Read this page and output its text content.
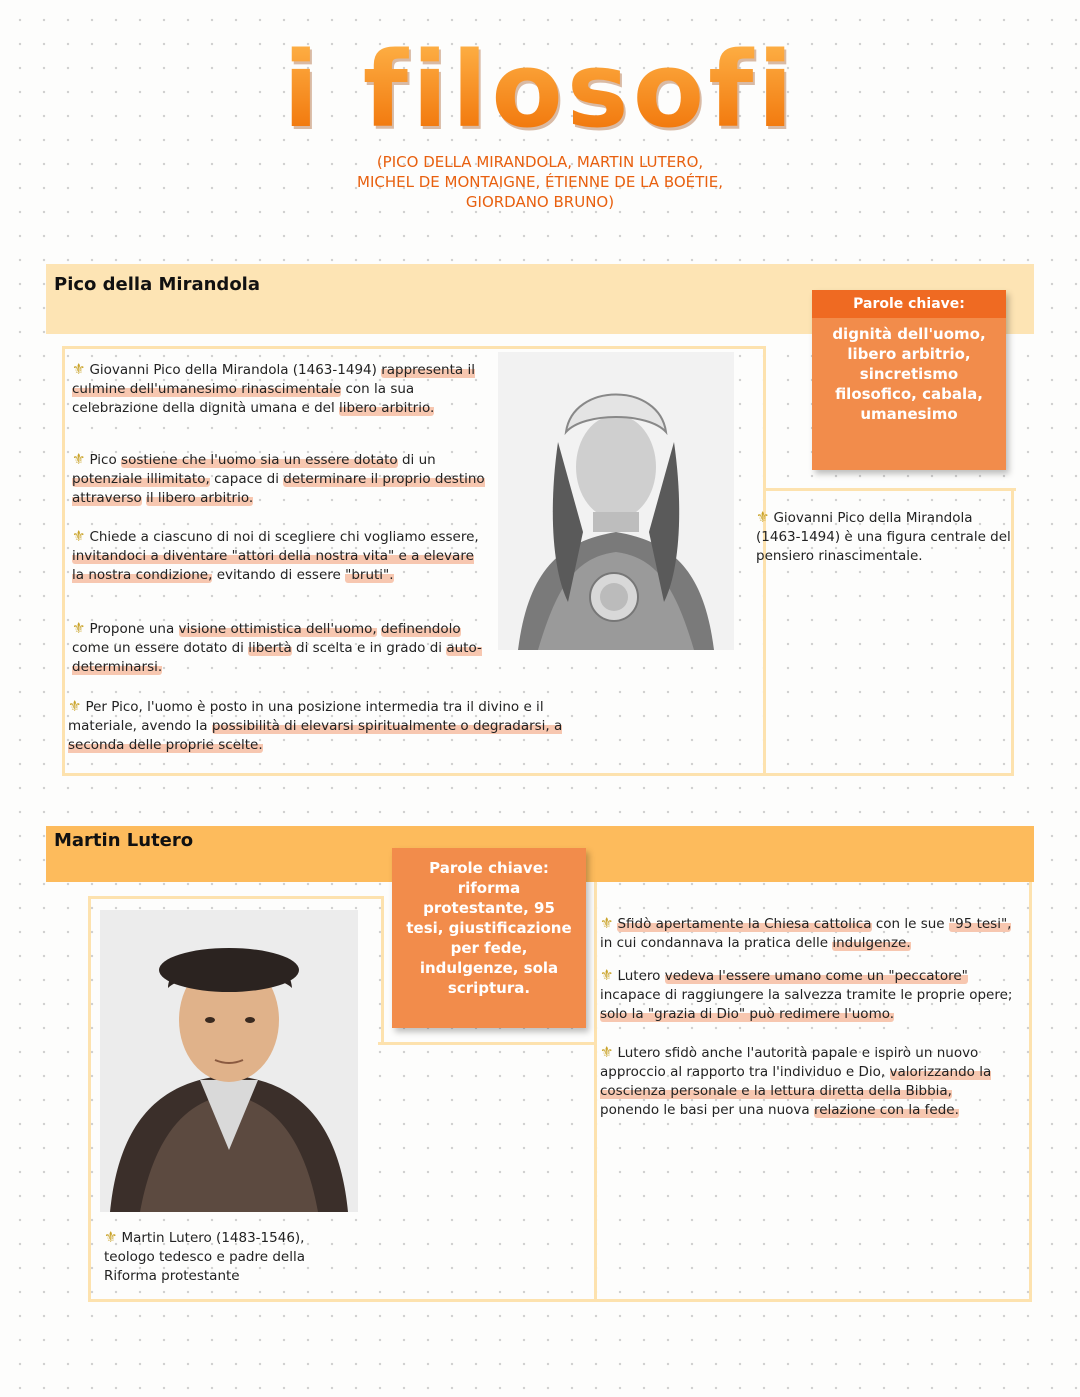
i filosofi
(PICO DELLA MIRANDOLA, MARTIN LUTERO,
MICHEL DE MONTAIGNE, ÉTIENNE DE LA BOÉTIE,
GIORDANO BRUNO)
Pico della Mirandola
Parole chiave:
dignità dell'uomo, libero arbitrio, sincretismo filosofico, cabala, umanesimo
⚜ Giovanni Pico della Mirandola (1463-1494) rappresenta il culmine dell'umanesimo rinascimentale con la sua celebrazione della dignità umana e del libero arbitrio.
⚜ Pico sostiene che l'uomo sia un essere dotato di un potenziale illimitato, capace di determinare il proprio destino attraverso il libero arbitrio.
⚜ Chiede a ciascuno di noi di scegliere chi vogliamo essere, invitandoci a diventare "attori della nostra vita" e a elevare la nostra condizione, evitando di essere "bruti".
⚜ Propone una visione ottimistica dell'uomo, definendolo come un essere dotato di libertà di scelta e in grado di auto-determinarsi.
⚜ Per Pico, l'uomo è posto in una posizione intermedia tra il divino e il materiale, avendo la possibilità di elevarsi spiritualmente o degradarsi, a seconda delle proprie scelte.
⚜ Giovanni Pico della Mirandola (1463-1494) è una figura centrale del pensiero rinascimentale.
Martin Lutero
Parole chiave:
riforma protestante, 95 tesi, giustificazione per fede, indulgenze, sola scriptura.
⚜ Martin Lutero (1483-1546), teologo tedesco e padre della Riforma protestante
⚜ Sfidò apertamente la Chiesa cattolica con le sue "95 tesi", in cui condannava la pratica delle indulgenze.
⚜ Lutero vedeva l'essere umano come un "peccatore" incapace di raggiungere la salvezza tramite le proprie opere; solo la "grazia di Dio" può redimere l'uomo.
⚜ Lutero sfidò anche l'autorità papale e ispirò un nuovo approccio al rapporto tra l'individuo e Dio, valorizzando la coscienza personale e la lettura diretta della Bibbia, ponendo le basi per una nuova relazione con la fede.
